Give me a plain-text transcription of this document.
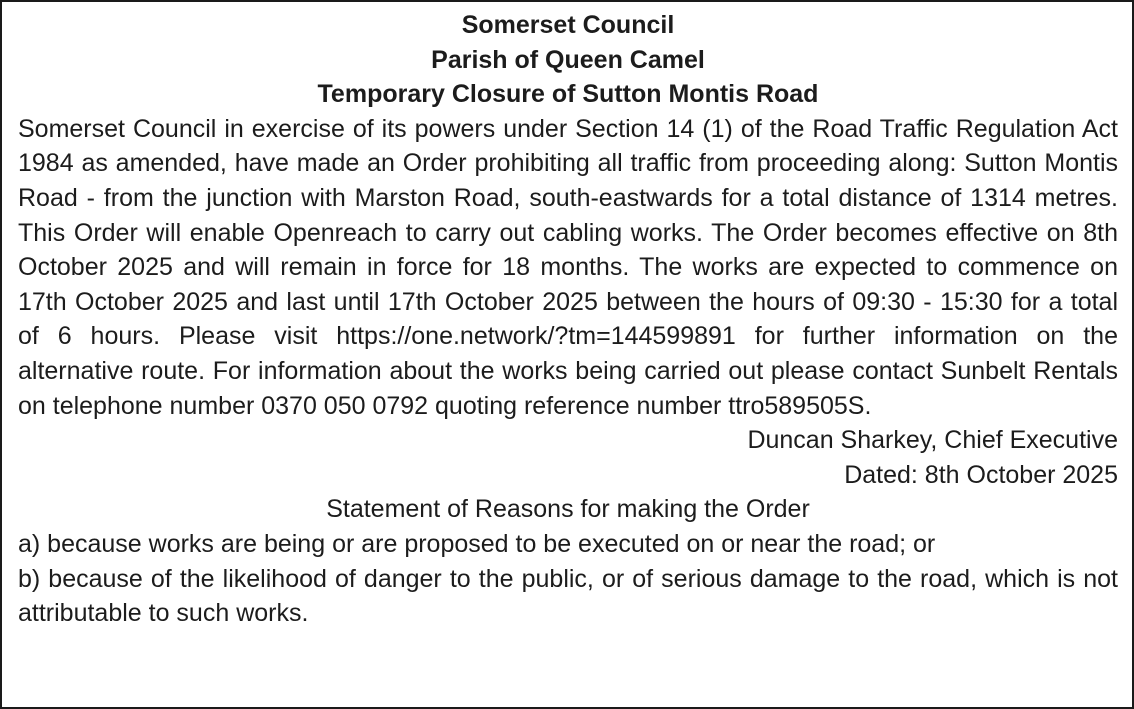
Somerset Council

Parish of Queen Camel

Temporary Closure of Sutton Montis Road

Somerset Council in exercise of its powers under Section 14 (1) of the Road Traffic Regulation Act 1984 as amended, have made an Order prohibiting all traffic from proceeding along: Sutton Montis Road - from the junction with Marston Road, south-eastwards for a total distance of 1314 metres. This Order will enable Openreach to carry out cabling works. The Order becomes effective on 8th October 2025 and will remain in force for 18 months. The works are expected to commence on 17th October 2025 and last until 17th October 2025 between the hours of 09:30 - 15:30 for a total of 6 hours. Please visit https://one.network/?tm=144599891 for further information on the alternative route. For information about the works being carried out please contact Sunbelt Rentals on telephone number 0370 050 0792 quoting reference number ttro589505S.

Duncan Sharkey, Chief Executive

Dated: 8th October 2025

Statement of Reasons for making the Order

a) because works are being or are proposed to be executed on or near the road; or

b) because of the likelihood of danger to the public, or of serious damage to the road, which is not attributable to such works.
